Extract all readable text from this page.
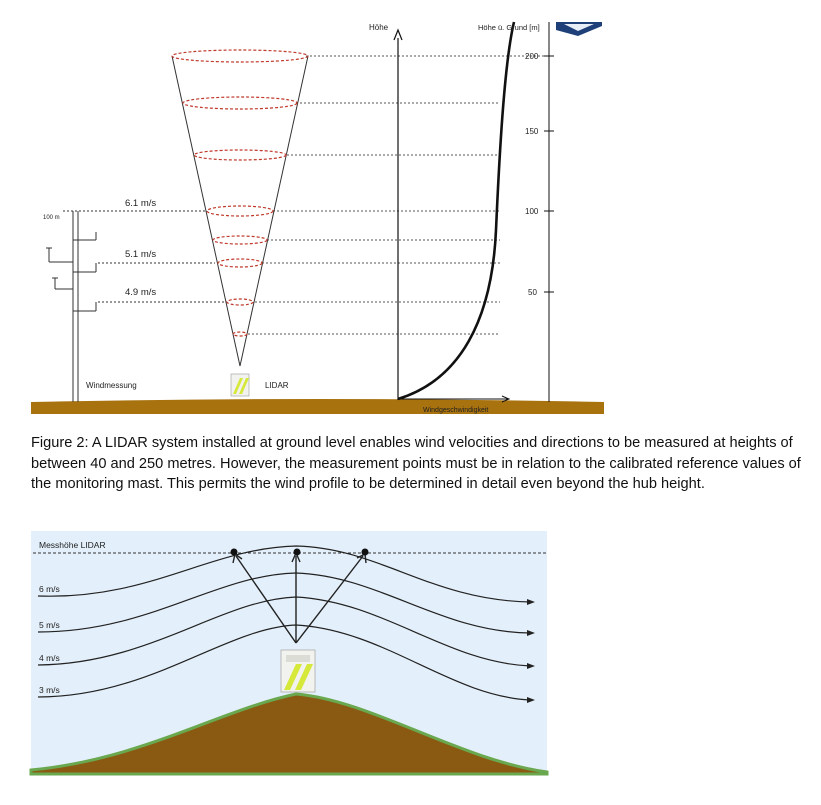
Höhe	Höhe ü. Grund [m]
Windgeschwindigkeit
200
150
100
50
100 m
6.1 m/s
5.1 m/s
4.9 m/s
Windmessung	LIDAR
Messhöhe LIDAR
6 m/s
5 m/s
4 m/s
3 m/s

Figure 2: A LIDAR system installed at ground level enables wind velocities and directions to be measured at heights of between 40 and 250 metres. However, the measurement points must be in relation to the calibrated reference values of the monitoring mast. This permits the wind profile to be determined in detail even beyond the hub height.
